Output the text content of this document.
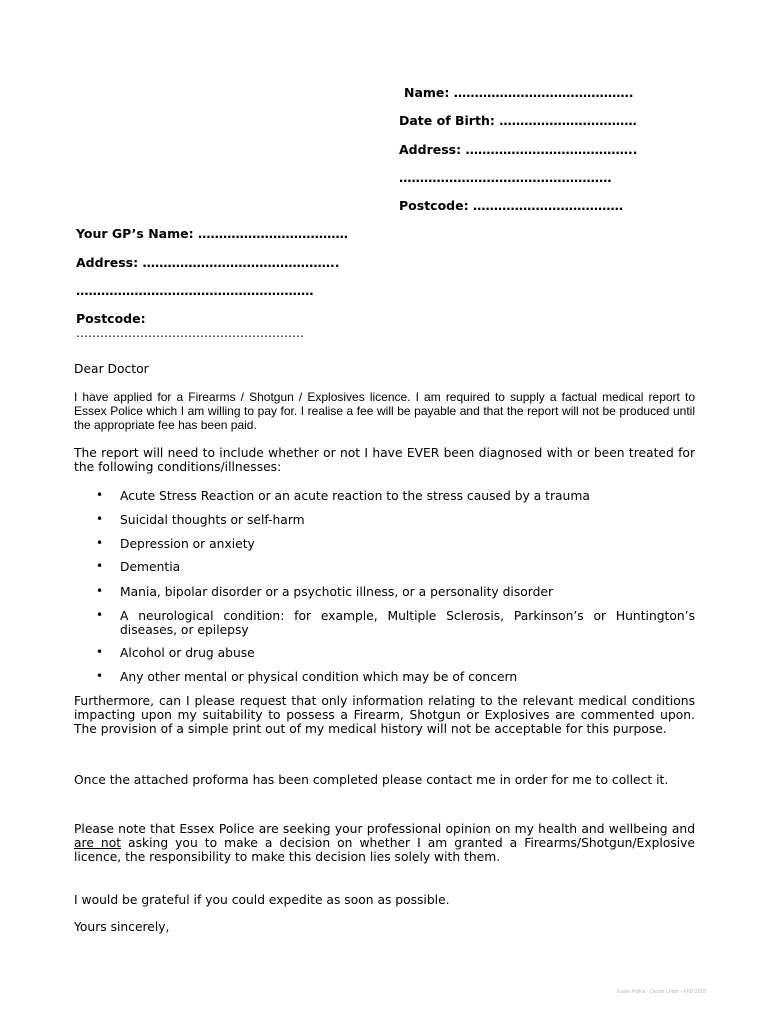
Name: …………………………………….
Date of Birth: ……………………………
Address: …………………………………..
……………………………………………
Postcode: ………………………………
Your GP’s Name: ………………………………
Address: ………………………………………..
…………………………………………………
Postcode:
…………………………………………………
Dear Doctor
I have applied for a Firearms / Shotgun / Explosives licence. I am required to supply a factual medical report to Essex Police which I am willing to pay for. I realise a fee will be payable and that the report will not be produced until the appropriate fee has been paid.
The report will need to include whether or not I have EVER been diagnosed with or been treated for the following conditions/illnesses:
• Acute Stress Reaction or an acute reaction to the stress caused by a trauma
• Suicidal thoughts or self-harm
• Depression or anxiety
• Dementia
• Mania, bipolar disorder or a psychotic illness, or a personality disorder
• A neurological condition: for example, Multiple Sclerosis, Parkinson’s or Huntington’s diseases, or epilepsy
• Alcohol or drug abuse
• Any other mental or physical condition which may be of concern
Furthermore, can I please request that only information relating to the relevant medical conditions impacting upon my suitability to possess a Firearm, Shotgun or Explosives are commented upon. The provision of a simple print out of my medical history will not be acceptable for this purpose.
Once the attached proforma has been completed please contact me in order for me to collect it.
Please note that Essex Police are seeking your professional opinion on my health and wellbeing and are not asking you to make a decision on whether I am granted a Firearms/Shotgun/Explosive licence, the responsibility to make this decision lies solely with them.
I would be grateful if you could expedite as soon as possible.
Yours sincerely,
Essex Police - Doctor Letter - FED 2018
